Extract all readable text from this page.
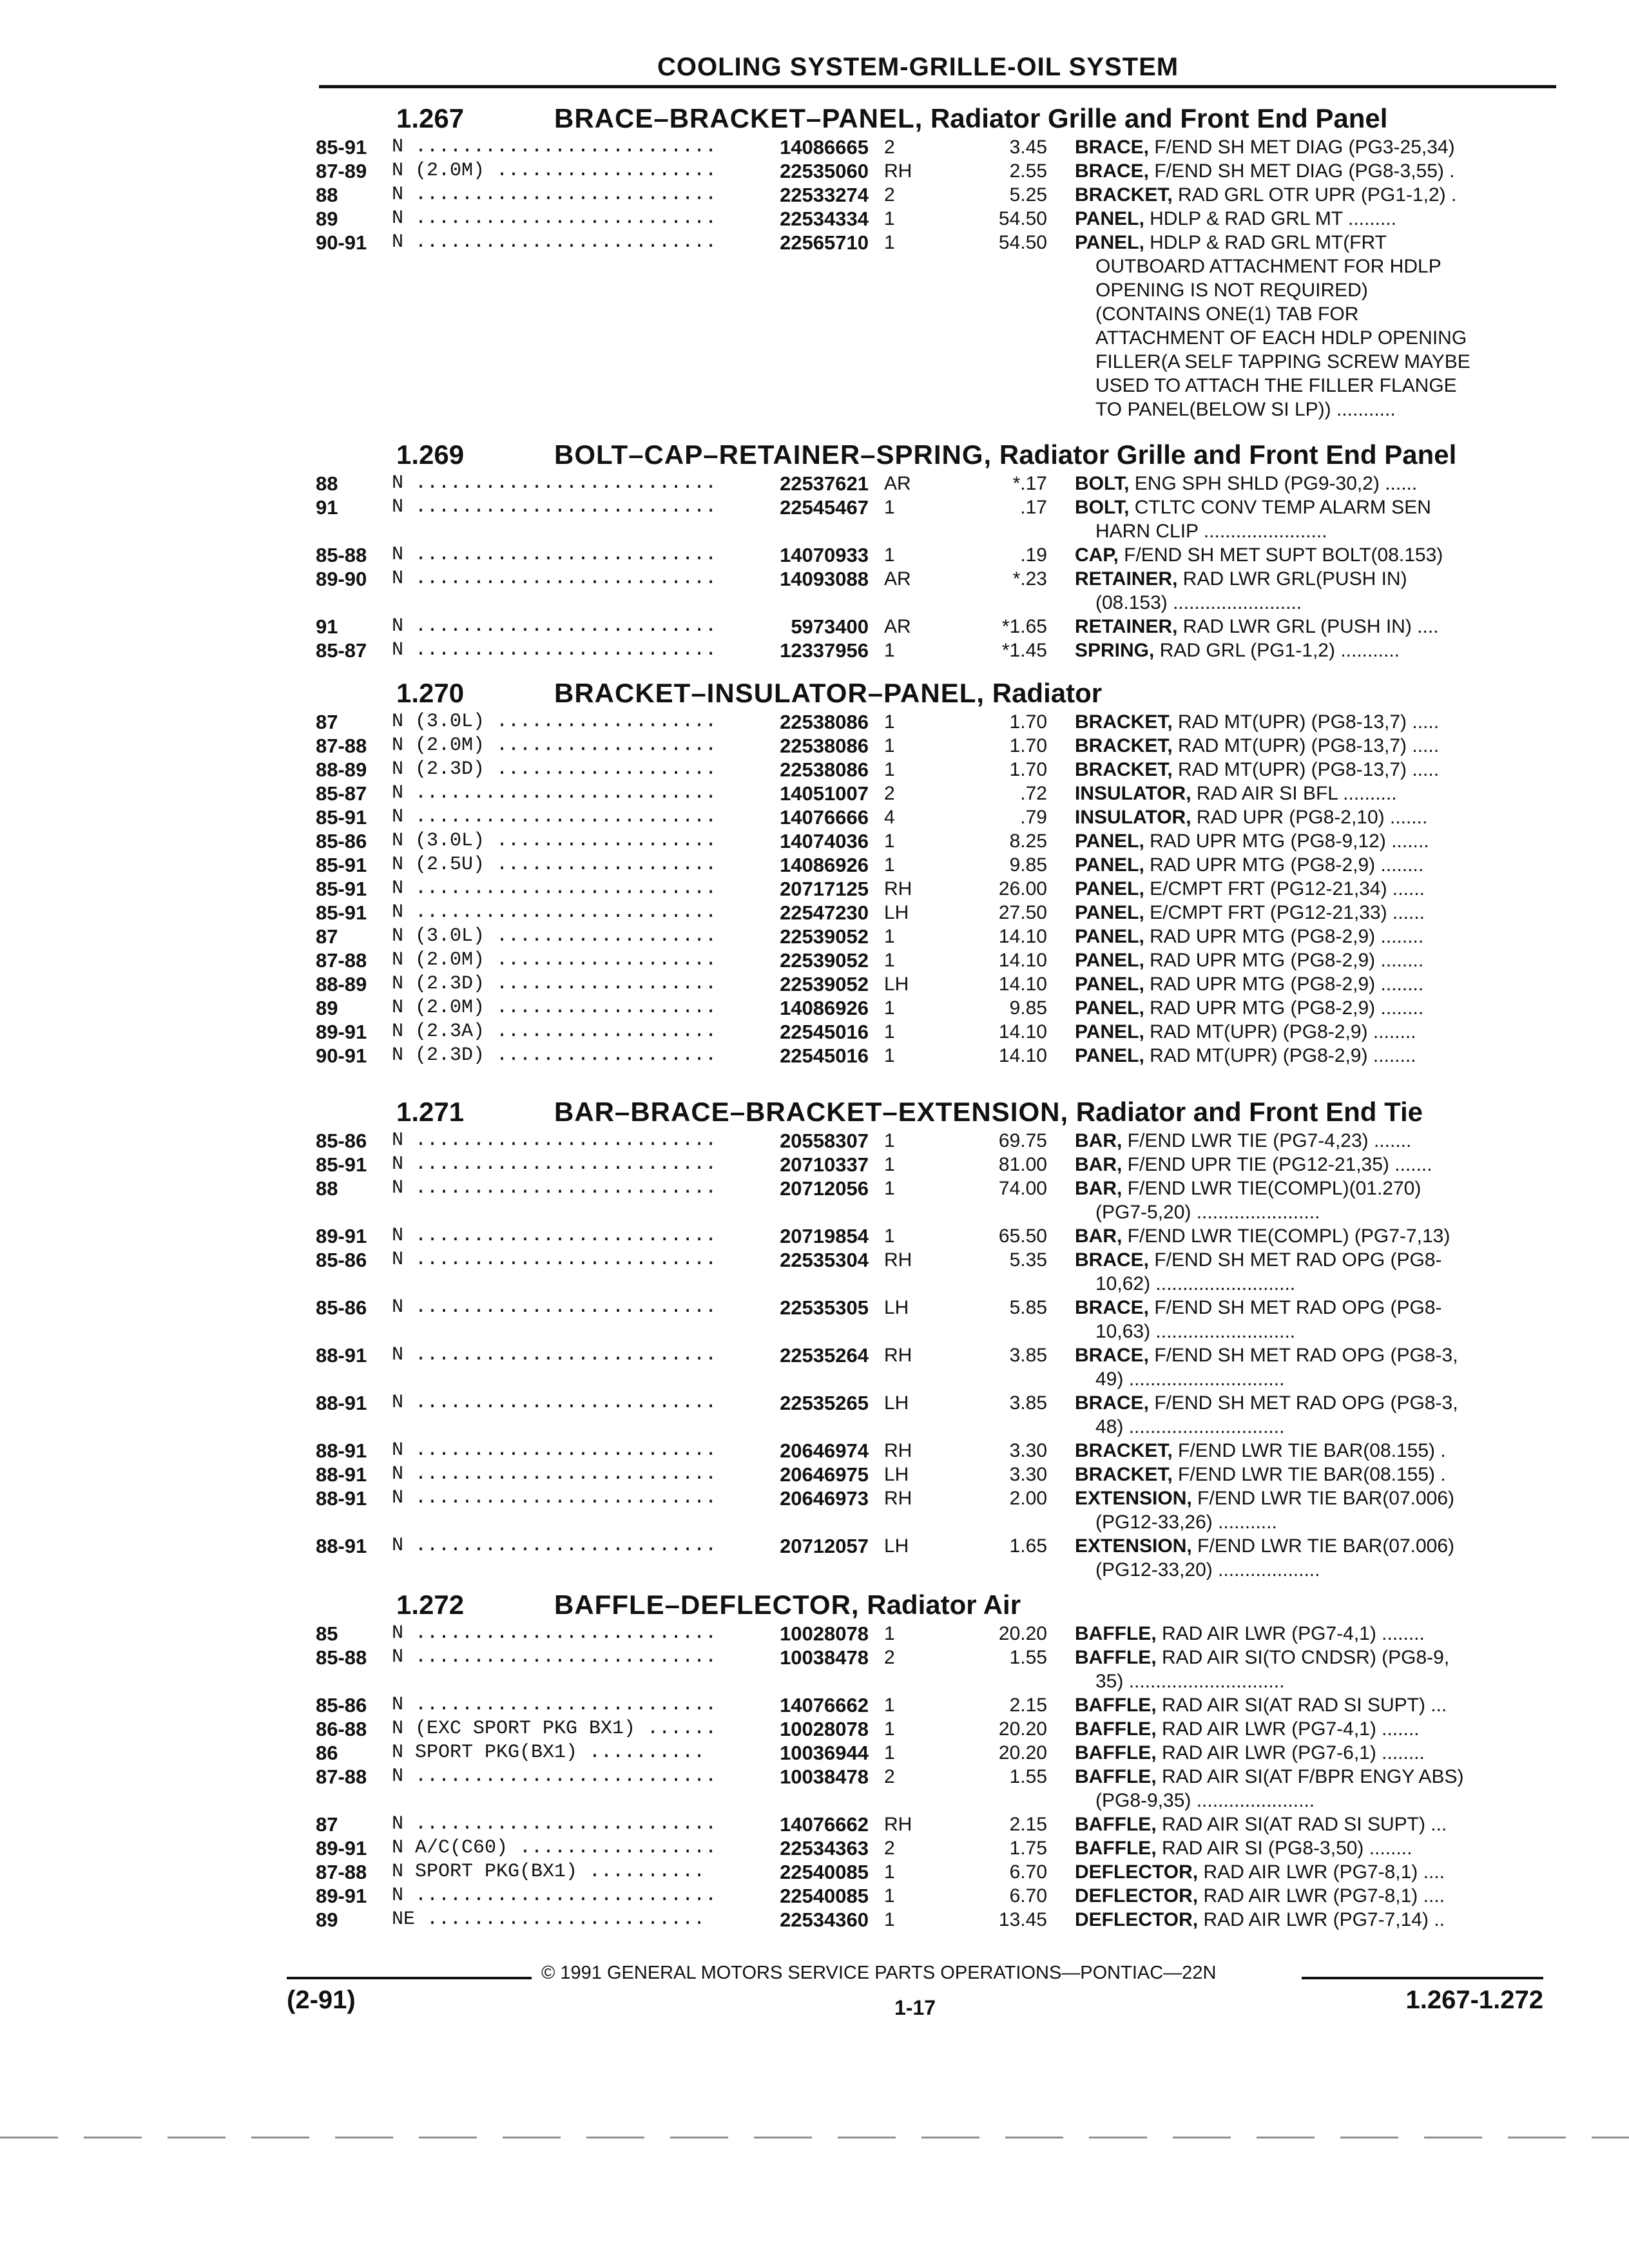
COOLING SYSTEM-GRILLE-OIL SYSTEM
1.267	BRACE–BRACKET–PANEL, Radiator Grille and Front End Panel
85-91 N ..........................	14086665 2	3.45 BRACE, F/END SH MET DIAG (PG3-25,34)
87-89 N (2.0M) ...................	22535060 RH	2.55 BRACE, F/END SH MET DIAG (PG8-3,55) .
88	N ..........................	22533274 2	5.25 BRACKET, RAD GRL OTR UPR (PG1-1,2) .
89	N ..........................	22534334 1	54.50 PANEL, HDLP & RAD GRL MT .........
90-91 N ..........................	22565710 1	54.50 PANEL, HDLP & RAD GRL MT(FRT
OUTBOARD ATTACHMENT FOR HDLP
OPENING IS NOT REQUIRED)
(CONTAINS ONE(1) TAB FOR
ATTACHMENT OF EACH HDLP OPENING
FILLER(A SELF TAPPING SCREW MAYBE
USED TO ATTACH THE FILLER FLANGE
TO PANEL(BELOW SI LP)) ...........
1.269	BOLT–CAP–RETAINER–SPRING, Radiator Grille and Front End Panel
88	N ..........................	22537621 AR	*.17 BOLT, ENG SPH SHLD (PG9-30,2) ......
91	N ..........................	22545467 1	.17 BOLT, CTLTC CONV TEMP ALARM SEN
HARN CLIP .......................
85-88 N ..........................	14070933 1	.19 CAP, F/END SH MET SUPT BOLT(08.153)
89-90 N ..........................	14093088 AR	*.23 RETAINER, RAD LWR GRL(PUSH IN)
(08.153) ........................
91	N ..........................	5973400 AR	*1.65 RETAINER, RAD LWR GRL (PUSH IN) ....
85-87 N ..........................	12337956 1	*1.45 SPRING, RAD GRL (PG1-1,2) ...........
1.270	BRACKET–INSULATOR–PANEL, Radiator
87	N (3.0L) ...................	22538086 1	1.70 BRACKET, RAD MT(UPR) (PG8-13,7) .....
87-88 N (2.0M) ...................	22538086 1	1.70 BRACKET, RAD MT(UPR) (PG8-13,7) .....
88-89 N (2.3D) ...................	22538086 1	1.70 BRACKET, RAD MT(UPR) (PG8-13,7) .....
85-87 N ..........................	14051007 2	.72 INSULATOR, RAD AIR SI BFL ..........
85-91 N ..........................	14076666 4	.79 INSULATOR, RAD UPR (PG8-2,10) .......
85-86 N (3.0L) ...................	14074036 1	8.25 PANEL, RAD UPR MTG (PG8-9,12) .......
85-91 N (2.5U) ...................	14086926 1	9.85 PANEL, RAD UPR MTG (PG8-2,9) ........
85-91 N ..........................	20717125 RH	26.00 PANEL, E/CMPT FRT (PG12-21,34) ......
85-91 N ..........................	22547230 LH	27.50 PANEL, E/CMPT FRT (PG12-21,33) ......
87	N (3.0L) ...................	22539052 1	14.10 PANEL, RAD UPR MTG (PG8-2,9) ........
87-88 N (2.0M) ...................	22539052 1	14.10 PANEL, RAD UPR MTG (PG8-2,9) ........
88-89 N (2.3D) ...................	22539052 LH	14.10 PANEL, RAD UPR MTG (PG8-2,9) ........
89	N (2.0M) ...................	14086926 1	9.85 PANEL, RAD UPR MTG (PG8-2,9) ........
89-91 N (2.3A) ...................	22545016 1	14.10 PANEL, RAD MT(UPR) (PG8-2,9) ........
90-91 N (2.3D) ...................	22545016 1	14.10 PANEL, RAD MT(UPR) (PG8-2,9) ........
1.271	BAR–BRACE–BRACKET–EXTENSION, Radiator and Front End Tie
85-86 N ..........................	20558307 1	69.75 BAR, F/END LWR TIE (PG7-4,23) .......
85-91 N ..........................	20710337 1	81.00 BAR, F/END UPR TIE (PG12-21,35) .......
88	N ..........................	20712056 1	74.00 BAR, F/END LWR TIE(COMPL)(01.270)
(PG7-5,20) .......................
89-91 N ..........................	20719854 1	65.50 BAR, F/END LWR TIE(COMPL) (PG7-7,13)
85-86 N ..........................	22535304 RH	5.35 BRACE, F/END SH MET RAD OPG (PG8-
10,62) ..........................
85-86 N ..........................	22535305 LH	5.85 BRACE, F/END SH MET RAD OPG (PG8-
10,63) ..........................
88-91 N ..........................	22535264 RH	3.85 BRACE, F/END SH MET RAD OPG (PG8-3,
49) .............................
88-91 N ..........................	22535265 LH	3.85 BRACE, F/END SH MET RAD OPG (PG8-3,
48) .............................
88-91 N ..........................	20646974 RH	3.30 BRACKET, F/END LWR TIE BAR(08.155) .
88-91 N ..........................	20646975 LH	3.30 BRACKET, F/END LWR TIE BAR(08.155) .
88-91 N ..........................	20646973 RH	2.00 EXTENSION, F/END LWR TIE BAR(07.006)
(PG12-33,26) ...........
88-91 N ..........................	20712057 LH	1.65 EXTENSION, F/END LWR TIE BAR(07.006)
(PG12-33,20) ...................
1.272	BAFFLE–DEFLECTOR, Radiator Air
85	N ..........................	10028078 1	20.20 BAFFLE, RAD AIR LWR (PG7-4,1) ........
85-88 N ..........................	10038478 2	1.55 BAFFLE, RAD AIR SI(TO CNDSR) (PG8-9,
35) .............................
85-86 N ..........................	14076662 1	2.15 BAFFLE, RAD AIR SI(AT RAD SI SUPT) ...
86-88 N (EXC SPORT PKG BX1) ......	10028078 1	20.20 BAFFLE, RAD AIR LWR (PG7-4,1) .......
86	N SPORT PKG(BX1) ..........	10036944 1	20.20 BAFFLE, RAD AIR LWR (PG7-6,1) ........
87-88 N ..........................	10038478 2	1.55 BAFFLE, RAD AIR SI(AT F/BPR ENGY ABS)
(PG8-9,35) ......................
87	N ..........................	14076662 RH	2.15 BAFFLE, RAD AIR SI(AT RAD SI SUPT) ...
89-91 N A/C(C60) .................	22534363 2	1.75 BAFFLE, RAD AIR SI (PG8-3,50) ........
87-88 N SPORT PKG(BX1) ..........	22540085 1	6.70 DEFLECTOR, RAD AIR LWR (PG7-8,1) ....
89-91 N ..........................	22540085 1	6.70 DEFLECTOR, RAD AIR LWR (PG7-8,1) ....
89	NE ........................	22534360 1	13.45 DEFLECTOR, RAD AIR LWR (PG7-7,14) ..
© 1991 GENERAL MOTORS SERVICE PARTS OPERATIONS—PONTIAC—22N
(2-91)	1-17	1.267-1.272
